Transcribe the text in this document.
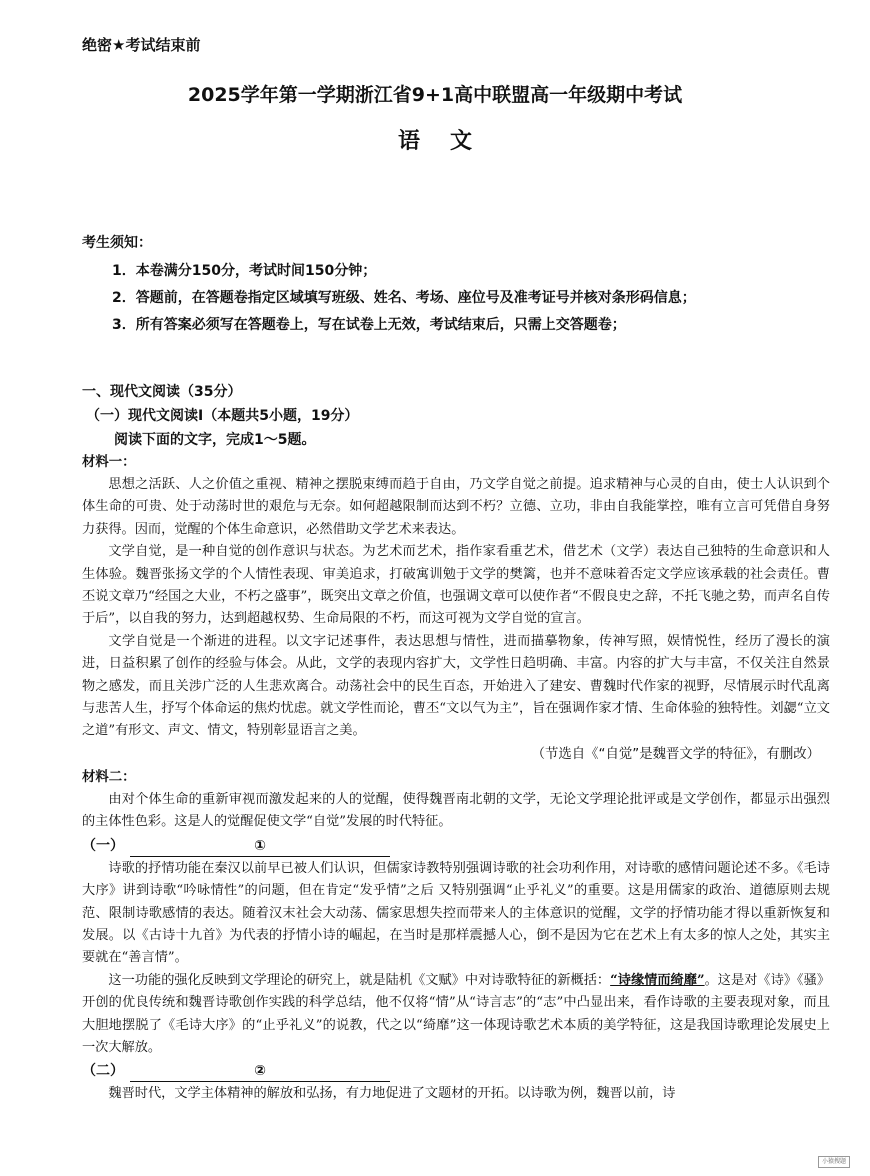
绝密★考试结束前
2025学年第一学期浙江省9+1高中联盟高一年级期中考试
语文
考生须知：
1．本卷满分150分，考试时间150分钟；
2．答题前，在答题卷指定区域填写班级、姓名、考场、座位号及准考证号并核对条形码信息；
3．所有答案必须写在答题卷上，写在试卷上无效，考试结束后，只需上交答题卷；
一、现代文阅读（35分）
（一）现代文阅读Ⅰ（本题共5小题，19分）
阅读下面的文字，完成1～5题。
材料一：

思想之活跃、人之价值之重视、精神之摆脱束缚而趋于自由，乃文学自觉之前提。追求精神与心灵的自由，使士人认识到个体生命的可贵、处于动荡时世的艰危与无奈。如何超越限制而达到不朽？立德、立功，非由自我能掌控，唯有立言可凭借自身努力获得。因而，觉醒的个体生命意识，必然借助文学艺术来表达。

文学自觉，是一种自觉的创作意识与状态。为艺术而艺术，指作家看重艺术，借艺术（文学）表达自己独特的生命意识和人生体验。魏晋张扬文学的个人情性表现、审美追求，打破寓训勉于文学的樊篱，也并不意味着否定文学应该承载的社会责任。曹丕说文章乃“经国之大业，不朽之盛事”，既突出文章之价值，也强调文章可以使作者“不假良史之辞，不托飞驰之势，而声名自传于后”，以自我的努力，达到超越权势、生命局限的不朽，而这可视为文学自觉的宣言。

文学自觉是一个渐进的进程。以文字记述事件，表达思想与情性，进而描摹物象，传神写照，娱情悦性，经历了漫长的演进，日益积累了创作的经验与体会。从此，文学的表现内容扩大，文学性日趋明确、丰富。内容的扩大与丰富，不仅关注自然景物之感发，而且关涉广泛的人生悲欢离合。动荡社会中的民生百态，开始进入了建安、曹魏时代作家的视野，尽情展示时代乱离与悲苦人生，抒写个体命运的焦灼忧虑。就文学性而论，曹丕“文以气为主”，旨在强调作家才情、生命体验的独特性。刘勰“立文之道”有形文、声文、情文，特别彰显语言之美。

（节选自《“自觉”是魏晋文学的特征》，有删改）
材料二：

由对个体生命的重新审视而激发起来的人的觉醒，使得魏晋南北朝的文学，无论文学理论批评或是文学创作，都显示出强烈的主体性色彩。这是人的觉醒促使文学“自觉”发展的时代特征。

（一）	①

诗歌的抒情功能在秦汉以前早已被人们认识，但儒家诗教特别强调诗歌的社会功利作用，对诗歌的感情问题论述不多。《毛诗大序》讲到诗歌“吟咏情性”的问题，但在肯定“发乎情”之后 又特别强调“止乎礼义”的重要。这是用儒家的政治、道德原则去规范、限制诗歌感情的表达。随着汉末社会大动荡、儒家思想失控而带来人的主体意识的觉醒，文学的抒情功能才得以重新恢复和发展。以《古诗十九首》为代表的抒情小诗的崛起，在当时是那样震撼人心，倒不是因为它在艺术上有太多的惊人之处，其实主要就在“善言情”。

这一功能的强化反映到文学理论的研究上，就是陆机《文赋》中对诗歌特征的新概括：“诗缘情而绮靡”。这是对《诗》《骚》开创的优良传统和魏晋诗歌创作实践的科学总结，他不仅将“情”从“诗言志”的“志”中凸显出来，看作诗歌的主要表现对象，而且大胆地摆脱了《毛诗大序》的“止乎礼义”的说教，代之以“绮靡”这一体现诗歌艺术本质的美学特征，这是我国诗歌理论发展史上一次大解放。

（二）	②

魏晋时代，文学主体精神的解放和弘扬，有力地促进了文题材的开拓。以诗歌为例，魏晋以前，诗

小猿搜题
